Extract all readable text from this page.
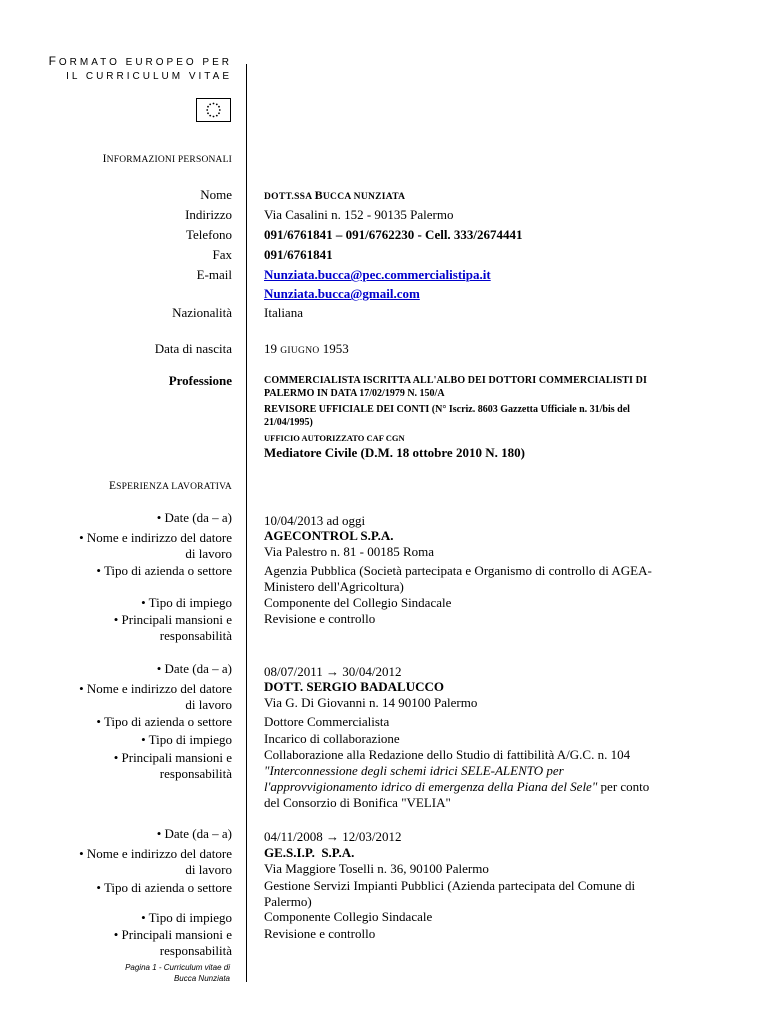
FORMATO EUROPEO PER
IL CURRICULUM VITAE
INFORMAZIONI PERSONALI
Nome	DOTT.SSA BUCCA NUNZIATA
Indirizzo Via Casalini n. 152 - 90135 Palermo
Telefono 091/6761841 – 091/6762230 - Cell. 333/2674441
Fax 091/6761841
E-mail Nunziata.bucca@pec.commercialistipa.it
Nunziata.bucca@gmail.com
Nazionalità Italiana
Data di nascita 19 GIUGNO 1953
Professione	COMMERCIALISTA ISCRITTA ALL'ALBO DEI DOTTORI COMMERCIALISTI DI
PALERMO IN DATA 17/02/1979 N. 150/A
REVISORE UFFICIALE DEI CONTI (N° Iscriz. 8603 Gazzetta Ufficiale n. 31/bis del
21/04/1995)
UFFICIO AUTORIZZATO CAF CGN
Mediatore Civile (D.M. 18 ottobre 2010 N. 180)
ESPERIENZA LAVORATIVA
• Date (da – a) 10/04/2013 ad oggi
• Nome e indirizzo del datore
di lavoro
AGECONTROL S.P.A.
Via Palestro n. 81 - 00185 Roma
• Tipo di azienda o settore Agenzia Pubblica (Società partecipata e Organismo di controllo di AGEA-
Ministero dell'Agricoltura)
• Tipo di impiego Componente del Collegio Sindacale
• Principali mansioni e
responsabilità
Revisione e controllo
• Date (da – a) 08/07/2011 → 30/04/2012
• Nome e indirizzo del datore
di lavoro
DOTT. SERGIO BADALUCCO
Via G. Di Giovanni n. 14 90100 Palermo
• Tipo di azienda o settore Dottore Commercialista
• Tipo di impiego Incarico di collaborazione
• Principali mansioni e
responsabilità
Collaborazione alla Redazione dello Studio di fattibilità A/G.C. n. 104
"Interconnessione degli schemi idrici SELE-ALENTO per
l'approvvigionamento idrico di emergenza della Piana del Sele" per conto
del Consorzio di Bonifica "VELIA"
• Date (da – a) 04/11/2008 → 12/03/2012
• Nome e indirizzo del datore
di lavoro
GE.S.I.P.  S.P.A.
Via Maggiore Toselli n. 36, 90100 Palermo
• Tipo di azienda o settore Gestione Servizi Impianti Pubblici (Azienda partecipata del Comune di
Palermo)
• Tipo di impiego Componente Collegio Sindacale
• Principali mansioni e
responsabilità
Revisione e controllo
Pagina 1 - Curriculum vitae di
Bucca Nunziata
